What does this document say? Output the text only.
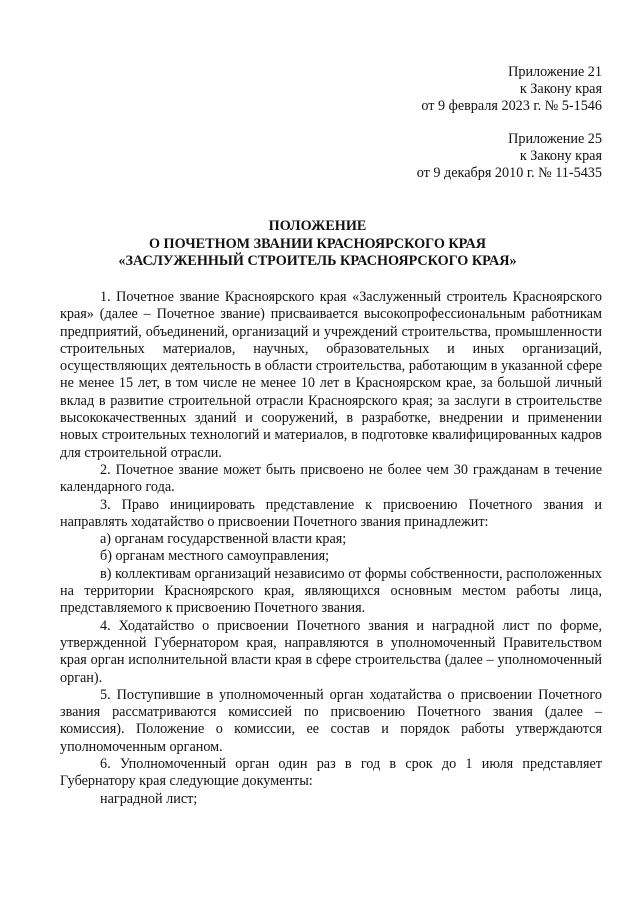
Приложение 21
к Закону края
от 9 февраля 2023 г. № 5-1546
Приложение 25
к Закону края
от 9 декабря 2010 г. № 11-5435
ПОЛОЖЕНИЕ
О ПОЧЕТНОМ ЗВАНИИ КРАСНОЯРСКОГО КРАЯ
«ЗАСЛУЖЕННЫЙ СТРОИТЕЛЬ КРАСНОЯРСКОГО КРАЯ»

1. Почетное звание Красноярского края «Заслуженный строитель Красноярского края» (далее – Почетное звание) присваивается высокопрофессиональным работникам предприятий, объединений, организаций и учреждений строительства, промышленности строительных материалов, научных, образовательных и иных организаций, осуществляющих деятельность в области строительства, работающим в указанной сфере не менее 15 лет, в том числе не менее 10 лет в Красноярском крае, за большой личный вклад в развитие строительной отрасли Красноярского края; за заслуги в строительстве высококачественных зданий и сооружений, в разработке, внедрении и применении новых строительных технологий и материалов, в подготовке квалифицированных кадров для строительной отрасли.

2. Почетное звание может быть присвоено не более чем 30 гражданам в течение календарного года.

3. Право инициировать представление к присвоению Почетного звания и направлять ходатайство о присвоении Почетного звания принадлежит:

а) органам государственной власти края;

б) органам местного самоуправления;

в) коллективам организаций независимо от формы собственности, расположенных на территории Красноярского края, являющихся основным местом работы лица, представляемого к присвоению Почетного звания.

4. Ходатайство о присвоении Почетного звания и наградной лист по форме, утвержденной Губернатором края, направляются в уполномоченный Правительством края орган исполнительной власти края в сфере строительства (далее – уполномоченный орган).

5. Поступившие в уполномоченный орган ходатайства о присвоении Почетного звания рассматриваются комиссией по присвоению Почетного звания (далее – комиссия). Положение о комиссии, ее состав и порядок работы утверждаются уполномоченным органом.

6. Уполномоченный орган один раз в год в срок до 1 июля представляет Губернатору края следующие документы:

наградной лист;
